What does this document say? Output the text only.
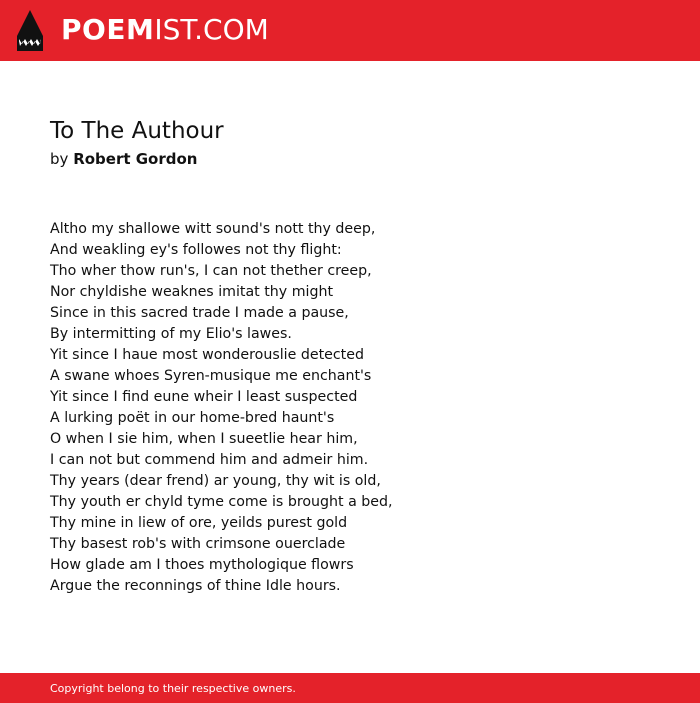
POEMIST.COM
To The Authour
by Robert Gordon
Altho my shallowe witt sound's nott thy deep,
And weakling ey's followes not thy flight:
Tho wher thow run's, I can not thether creep,
Nor chyldishe weaknes imitat thy might
Since in this sacred trade I made a pause,
By intermitting of my Elio's lawes.
Yit since I haue most wonderouslie detected
A swane whoes Syren-musique me enchant's
Yit since I find eune wheir I least suspected
A lurking poët in our home-bred haunt's
O when I sie him, when I sueetlie hear him,
I can not but commend him and admeir him.
Thy years (dear frend) ar young, thy wit is old,
Thy youth er chyld tyme come is brought a bed,
Thy mine in liew of ore, yeilds purest gold
Thy basest rob's with crimsone ouerclade
How glade am I thoes mythologique flowrs
Argue the reconnings of thine Idle hours.
Copyright belong to their respective owners.
